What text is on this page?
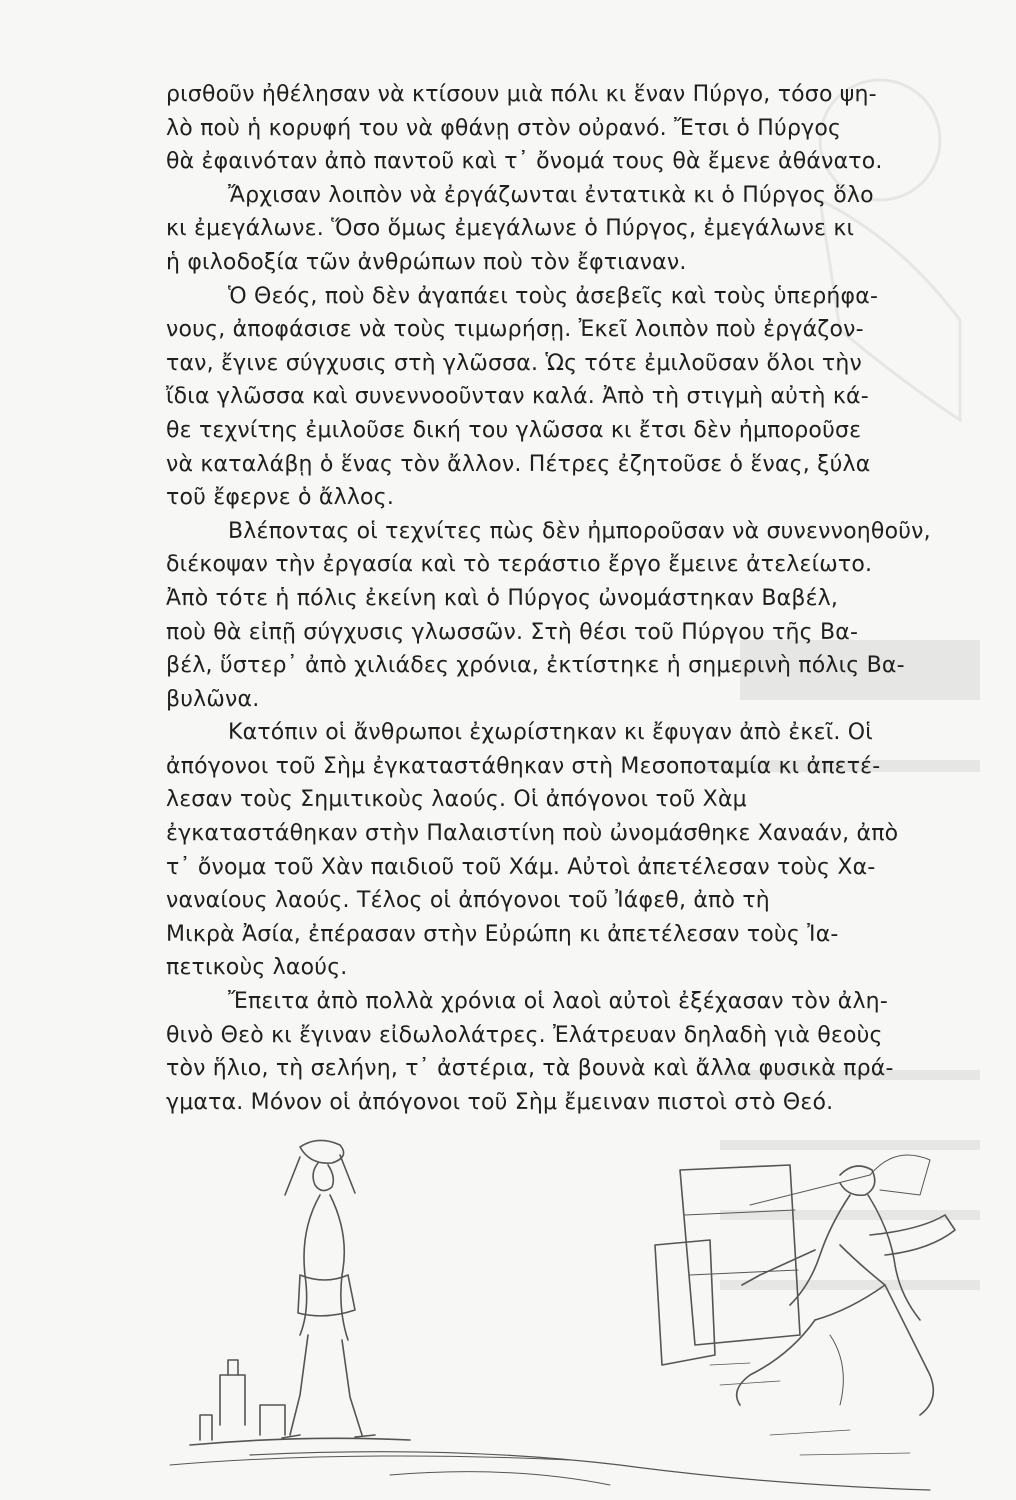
ρισθοῦν ἠθέλησαν νὰ κτίσουν μιὰ πόλι κι ἕναν Πύργο, τόσο ψη-
λὸ ποὺ ἡ κορυφή του νὰ φθάνῃ στὸν οὐρανό. Ἔτσι ὁ Πύργος
θὰ ἐφαινόταν ἀπὸ παντοῦ καὶ τ᾽ ὄνομά τους θὰ ἔμενε ἀθάνατο.
Ἄρχισαν λοιπὸν νὰ ἐργάζωνται ἐντατικὰ κι ὁ Πύργος ὅλο
κι ἐμεγάλωνε. Ὅσο ὅμως ἐμεγάλωνε ὁ Πύργος, ἐμεγάλωνε κι
ἡ φιλοδοξία τῶν ἀνθρώπων ποὺ τὸν ἔφτιαναν.
Ὁ Θεός, ποὺ δὲν ἀγαπάει τοὺς ἀσεβεῖς καὶ τοὺς ὑπερήφα-
νους, ἀποφάσισε νὰ τοὺς τιμωρήσῃ. Ἐκεῖ λοιπὸν ποὺ ἐργάζον-
ταν, ἔγινε σύγχυσις στὴ γλῶσσα. Ὡς τότε ἐμιλοῦσαν ὅλοι τὴν
ἴδια γλῶσσα καὶ συνεννοοῦνταν καλά. Ἀπὸ τὴ στιγμὴ αὐτὴ κά-
θε τεχνίτης ἐμιλοῦσε δική του γλῶσσα κι ἔτσι δὲν ἠμποροῦσε
νὰ καταλάβῃ ὁ ἕνας τὸν ἄλλον. Πέτρες ἐζητοῦσε ὁ ἕνας, ξύλα
τοῦ ἔφερνε ὁ ἄλλος.
Βλέποντας οἱ τεχνίτες πὼς δὲν ἠμποροῦσαν νὰ συνεννοηθοῦν,
διέκοψαν τὴν ἐργασία καὶ τὸ τεράστιο ἔργο ἔμεινε ἀτελείωτο.
Ἀπὸ τότε ἡ πόλις ἐκείνη καὶ ὁ Πύργος ὠνομάστηκαν Βαβέλ,
ποὺ θὰ εἰπῇ σύγχυσις γλωσσῶν. Στὴ θέσι τοῦ Πύργου τῆς Βα-
βέλ, ὕστερ᾽ ἀπὸ χιλιάδες χρόνια, ἐκτίστηκε ἡ σημερινὴ πόλις Βα-
βυλῶνα.
Κατόπιν οἱ ἄνθρωποι ἐχωρίστηκαν κι ἔφυγαν ἀπὸ ἐκεῖ. Οἱ
ἀπόγονοι τοῦ Σὴμ ἐγκαταστάθηκαν στὴ Μεσοποταμία κι ἀπετέ-
λεσαν τοὺς Σημιτικοὺς λαούς. Οἱ ἀπόγονοι τοῦ Χὰμ
ἐγκαταστάθηκαν στὴν Παλαιστίνη ποὺ ὠνομάσθηκε Χαναάν, ἀπὸ
τ᾽ ὄνομα τοῦ Χὰν παιδιοῦ τοῦ Χάμ. Αὐτοὶ ἀπετέλεσαν τοὺς Χα-
ναναίους λαούς. Τέλος οἱ ἀπόγονοι τοῦ Ἰάφεθ, ἀπὸ τὴ
Μικρὰ Ἀσία, ἐπέρασαν στὴν Εὐρώπη κι ἀπετέλεσαν τοὺς Ἰα-
πετικοὺς λαούς.
Ἔπειτα ἀπὸ πολλὰ χρόνια οἱ λαοὶ αὐτοὶ ἐξέχασαν τὸν ἀλη-
θινὸ Θεὸ κι ἔγιναν εἰδωλολάτρες. Ἐλάτρευαν δηλαδὴ γιὰ θεοὺς
τὸν ἥλιο, τὴ σελήνη, τ᾽ ἀστέρια, τὰ βουνὰ καὶ ἄλλα φυσικὰ πρά-
γματα. Μόνον οἱ ἀπόγονοι τοῦ Σὴμ ἔμειναν πιστοὶ στὸ Θεό.
